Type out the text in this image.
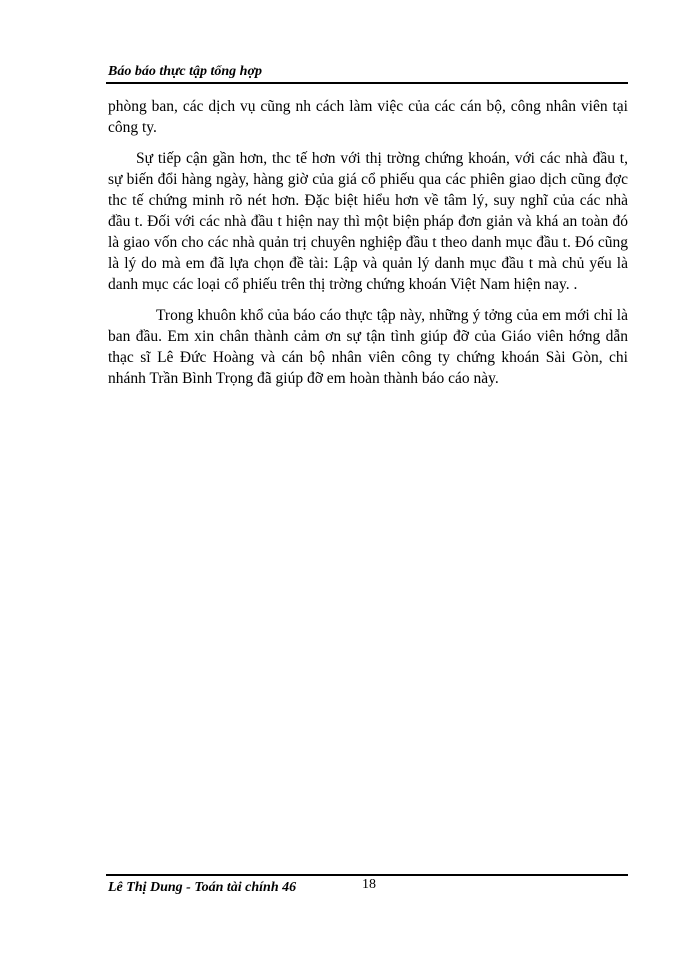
Báo báo thực tập tổng hợp

phòng ban, các dịch vụ cũng nh cách làm việc của các cán bộ, công nhân viên tại công ty.

Sự tiếp cận gần hơn, thc tế hơn với thị trờng chứng khoán, với các nhà đầu t, sự biến đổi hàng ngày, hàng giờ của giá cổ phiếu qua các phiên giao dịch cũng đợc thc tế chứng minh rõ nét hơn. Đặc biệt hiểu hơn về tâm lý, suy nghĩ của các nhà đầu t. Đối với các nhà đầu t hiện nay thì một biện pháp đơn giản và khá an toàn đó là giao vốn cho các nhà quản trị chuyên nghiệp đầu t theo danh mục đầu t. Đó cũng là lý do mà em đã lựa chọn đề tài: Lập và quản lý danh mục đầu t mà chủ yếu là danh mục các loại cổ phiếu trên thị trờng chứng khoán Việt Nam hiện nay. .

Trong khuôn khổ của báo cáo thực tập này, những ý tởng của em mới chỉ là ban đầu. Em xin chân thành cảm ơn sự tận tình giúp đỡ của Giáo viên hớng dẫn thạc sĩ Lê Đức Hoàng và cán bộ nhân viên công ty chứng khoán Sài Gòn, chi nhánh Trần Bình Trọng đã giúp đỡ em hoàn thành báo cáo này.

Lê Thị Dung - Toán tài chính 46	18
